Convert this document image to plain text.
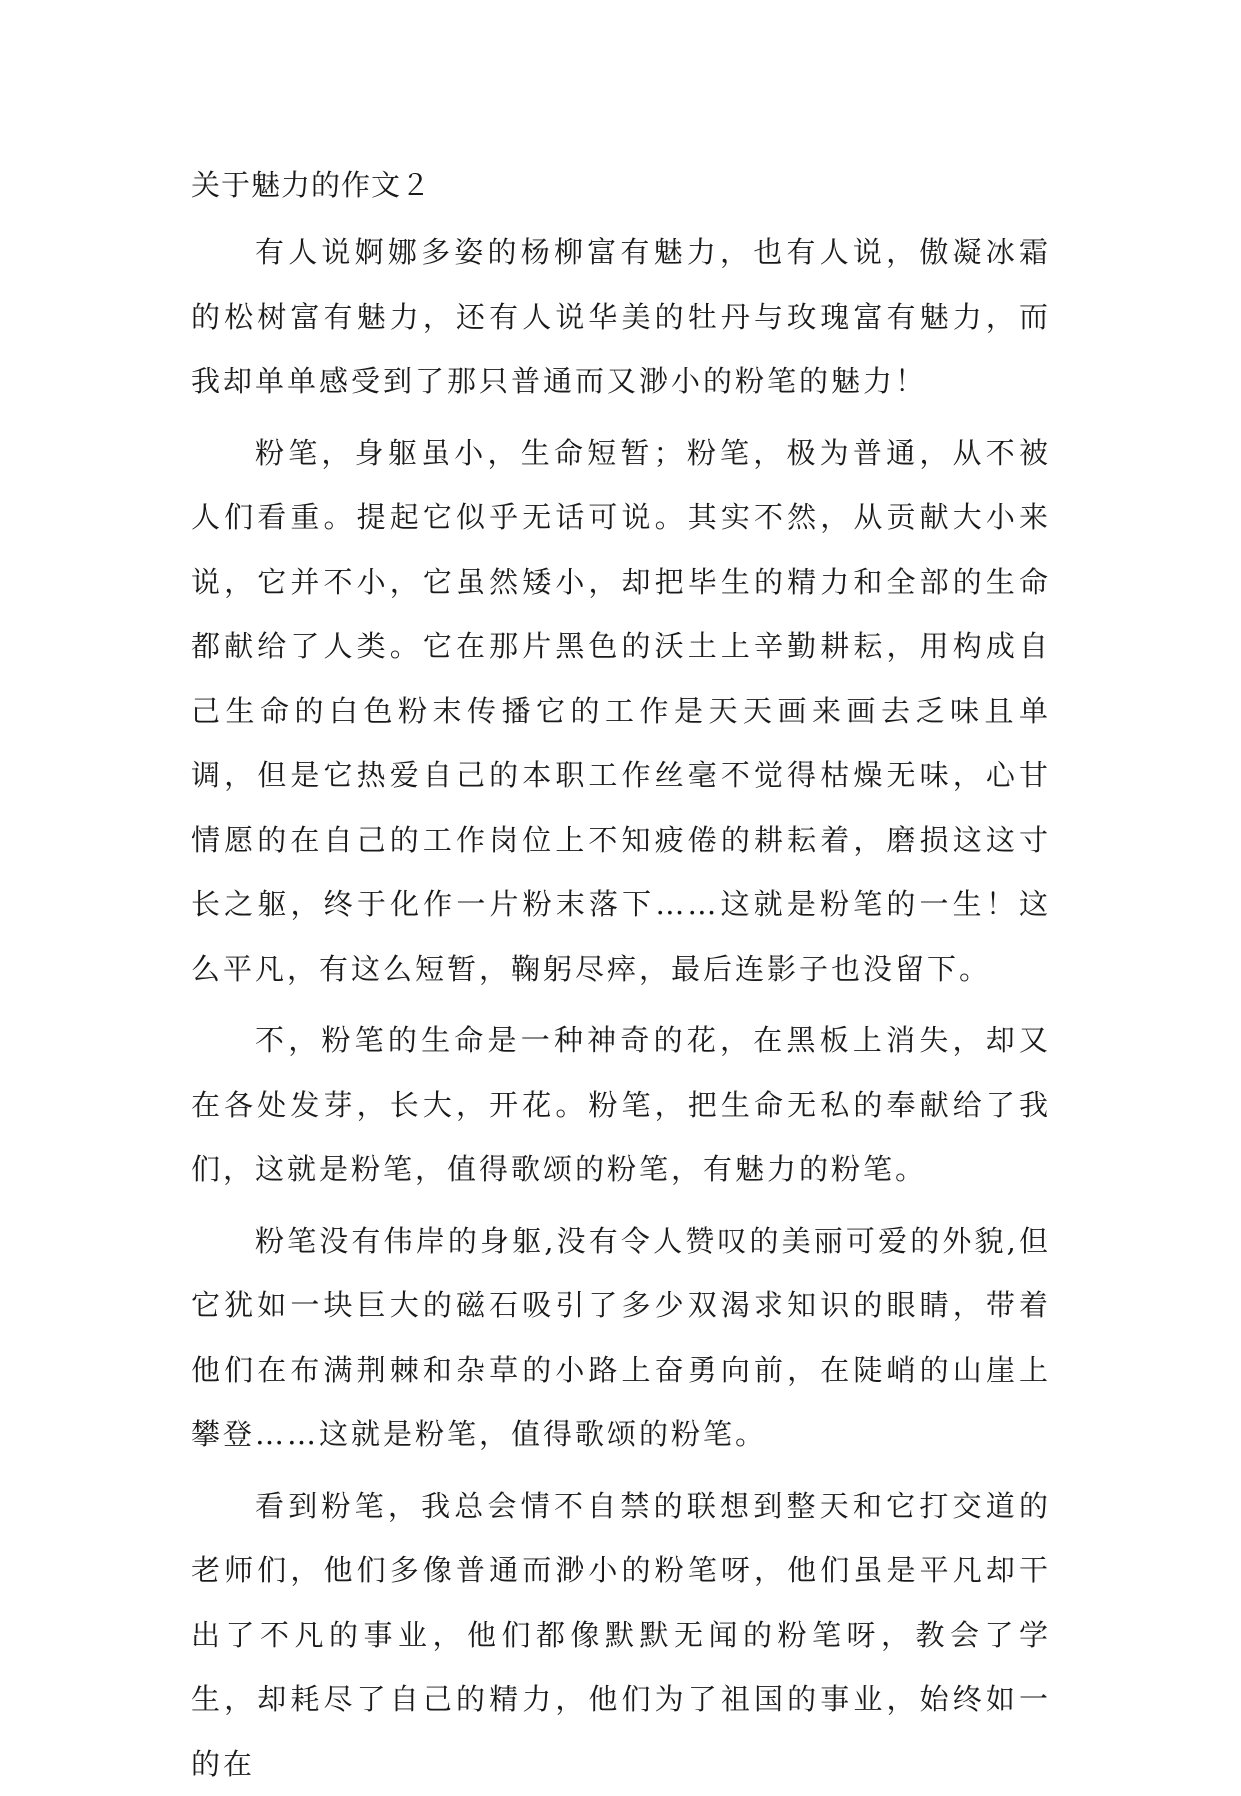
关于魅力的作文２

有人说婀娜多姿的杨柳富有魅力，也有人说，傲凝冰霜的松树富有魅力，还有人说华美的牡丹与玫瑰富有魅力，而我却单单感受到了那只普通而又渺小的粉笔的魅力！

粉笔，身躯虽小，生命短暂；粉笔，极为普通，从不被人们看重。提起它似乎无话可说。其实不然，从贡献大小来说，它并不小，它虽然矮小，却把毕生的精力和全部的生命都献给了人类。它在那片黑色的沃土上辛勤耕耘，用构成自己生命的白色粉末传播它的工作是天天画来画去乏味且单调，但是它热爱自己的本职工作丝毫不觉得枯燥无味，心甘情愿的在自己的工作岗位上不知疲倦的耕耘着，磨损这这寸长之躯，终于化作一片粉末落下……这就是粉笔的一生！这么平凡，有这么短暂，鞠躬尽瘁，最后连影子也没留下。

不，粉笔的生命是一种神奇的花，在黑板上消失，却又在各处发芽，长大，开花。粉笔，把生命无私的奉献给了我们，这就是粉笔，值得歌颂的粉笔，有魅力的粉笔。

粉笔没有伟岸的身躯,没有令人赞叹的美丽可爱的外貌,但它犹如一块巨大的磁石吸引了多少双渴求知识的眼睛，带着他们在布满荆棘和杂草的小路上奋勇向前，在陡峭的山崖上攀登……这就是粉笔，值得歌颂的粉笔。

看到粉笔，我总会情不自禁的联想到整天和它打交道的老师们，他们多像普通而渺小的粉笔呀，他们虽是平凡却干出了不凡的事业，他们都像默默无闻的粉笔呀，教会了学生，却耗尽了自己的精力，他们为了祖国的事业，始终如一的在
